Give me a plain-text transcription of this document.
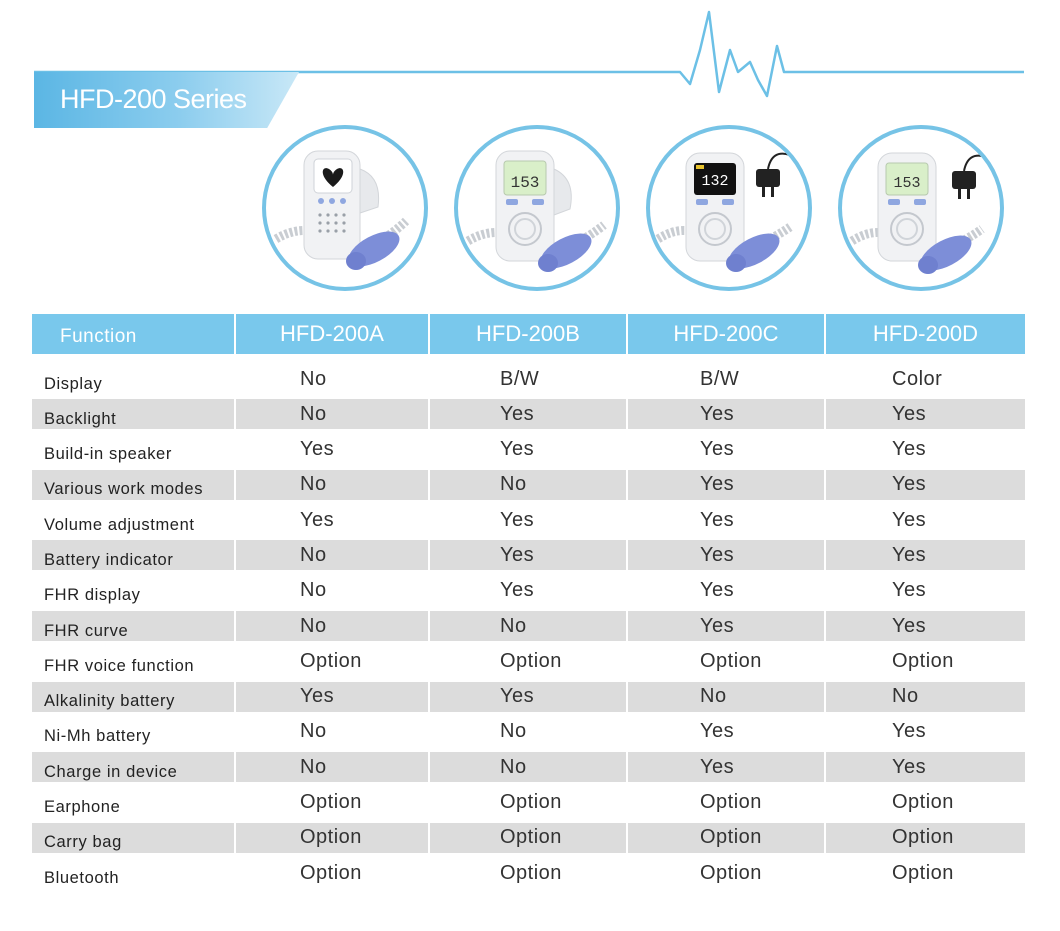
HFD-200 Series
153	132	153
Function	HFD-200A	HFD-200B	HFD-200C	HFD-200D
Display	No	B/W	B/W	Color
Backlight	No	Yes	Yes	Yes
Build-in speaker	Yes	Yes	Yes	Yes
Various work modes	No	No	Yes	Yes
Volume adjustment	Yes	Yes	Yes	Yes
Battery indicator	No	Yes	Yes	Yes
FHR display	No	Yes	Yes	Yes
FHR curve	No	No	Yes	Yes
FHR voice function	Option	Option	Option	Option
Alkalinity battery	Yes	Yes	No	No
Ni-Mh battery	No	No	Yes	Yes
Charge in device	No	No	Yes	Yes
Earphone	Option	Option	Option	Option
Carry bag	Option	Option	Option	Option
Bluetooth	Option	Option	Option	Option
